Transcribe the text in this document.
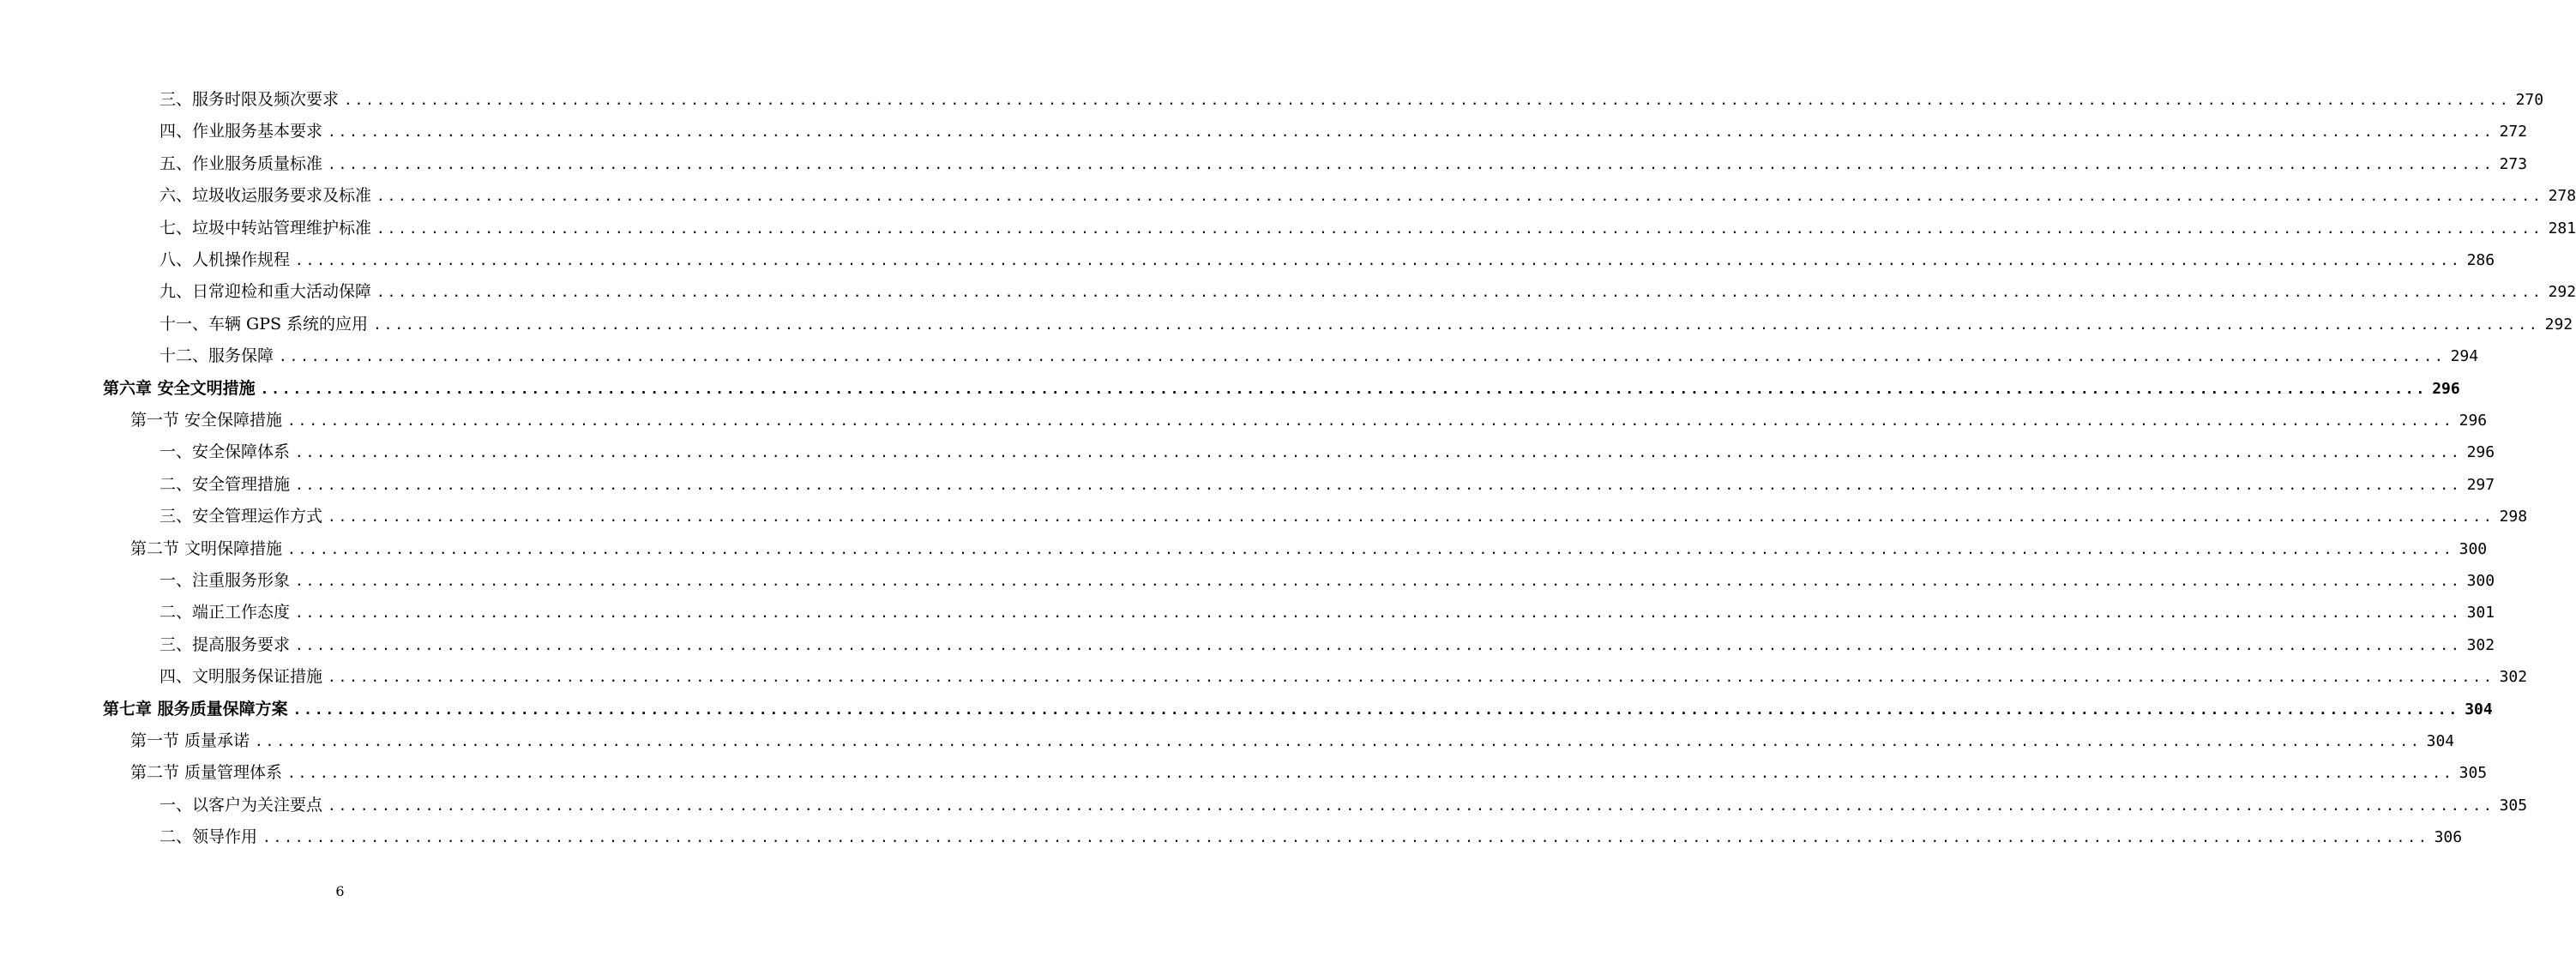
三、服务时限及频次要求 ........................................................................................................................................................................................................ 270
四、作业服务基本要求 ........................................................................................................................................................................................................ 272
五、作业服务质量标准 ........................................................................................................................................................................................................ 273
六、垃圾收运服务要求及标准 ........................................................................................................................................................................................................ 278
七、垃圾中转站管理维护标准 ........................................................................................................................................................................................................ 281
八、人机操作规程 ........................................................................................................................................................................................................ 286
九、日常迎检和重大活动保障 ........................................................................................................................................................................................................ 292
十一、车辆 GPS 系统的应用 ........................................................................................................................................................................................................ 292
十二、服务保障 ........................................................................................................................................................................................................ 294
第六章 安全文明措施 ........................................................................................................................................................................................................ 296
第一节 安全保障措施 ........................................................................................................................................................................................................ 296
一、安全保障体系 ........................................................................................................................................................................................................ 296
二、安全管理措施 ........................................................................................................................................................................................................ 297
三、安全管理运作方式 ........................................................................................................................................................................................................ 298
第二节 文明保障措施 ........................................................................................................................................................................................................ 300
一、注重服务形象 ........................................................................................................................................................................................................ 300
二、端正工作态度 ........................................................................................................................................................................................................ 301
三、提高服务要求 ........................................................................................................................................................................................................ 302
四、文明服务保证措施 ........................................................................................................................................................................................................ 302
第七章 服务质量保障方案 ........................................................................................................................................................................................................ 304
第一节 质量承诺 ........................................................................................................................................................................................................ 304
第二节 质量管理体系 ........................................................................................................................................................................................................ 305
一、以客户为关注要点 ........................................................................................................................................................................................................ 305
二、领导作用 ........................................................................................................................................................................................................ 306
6
